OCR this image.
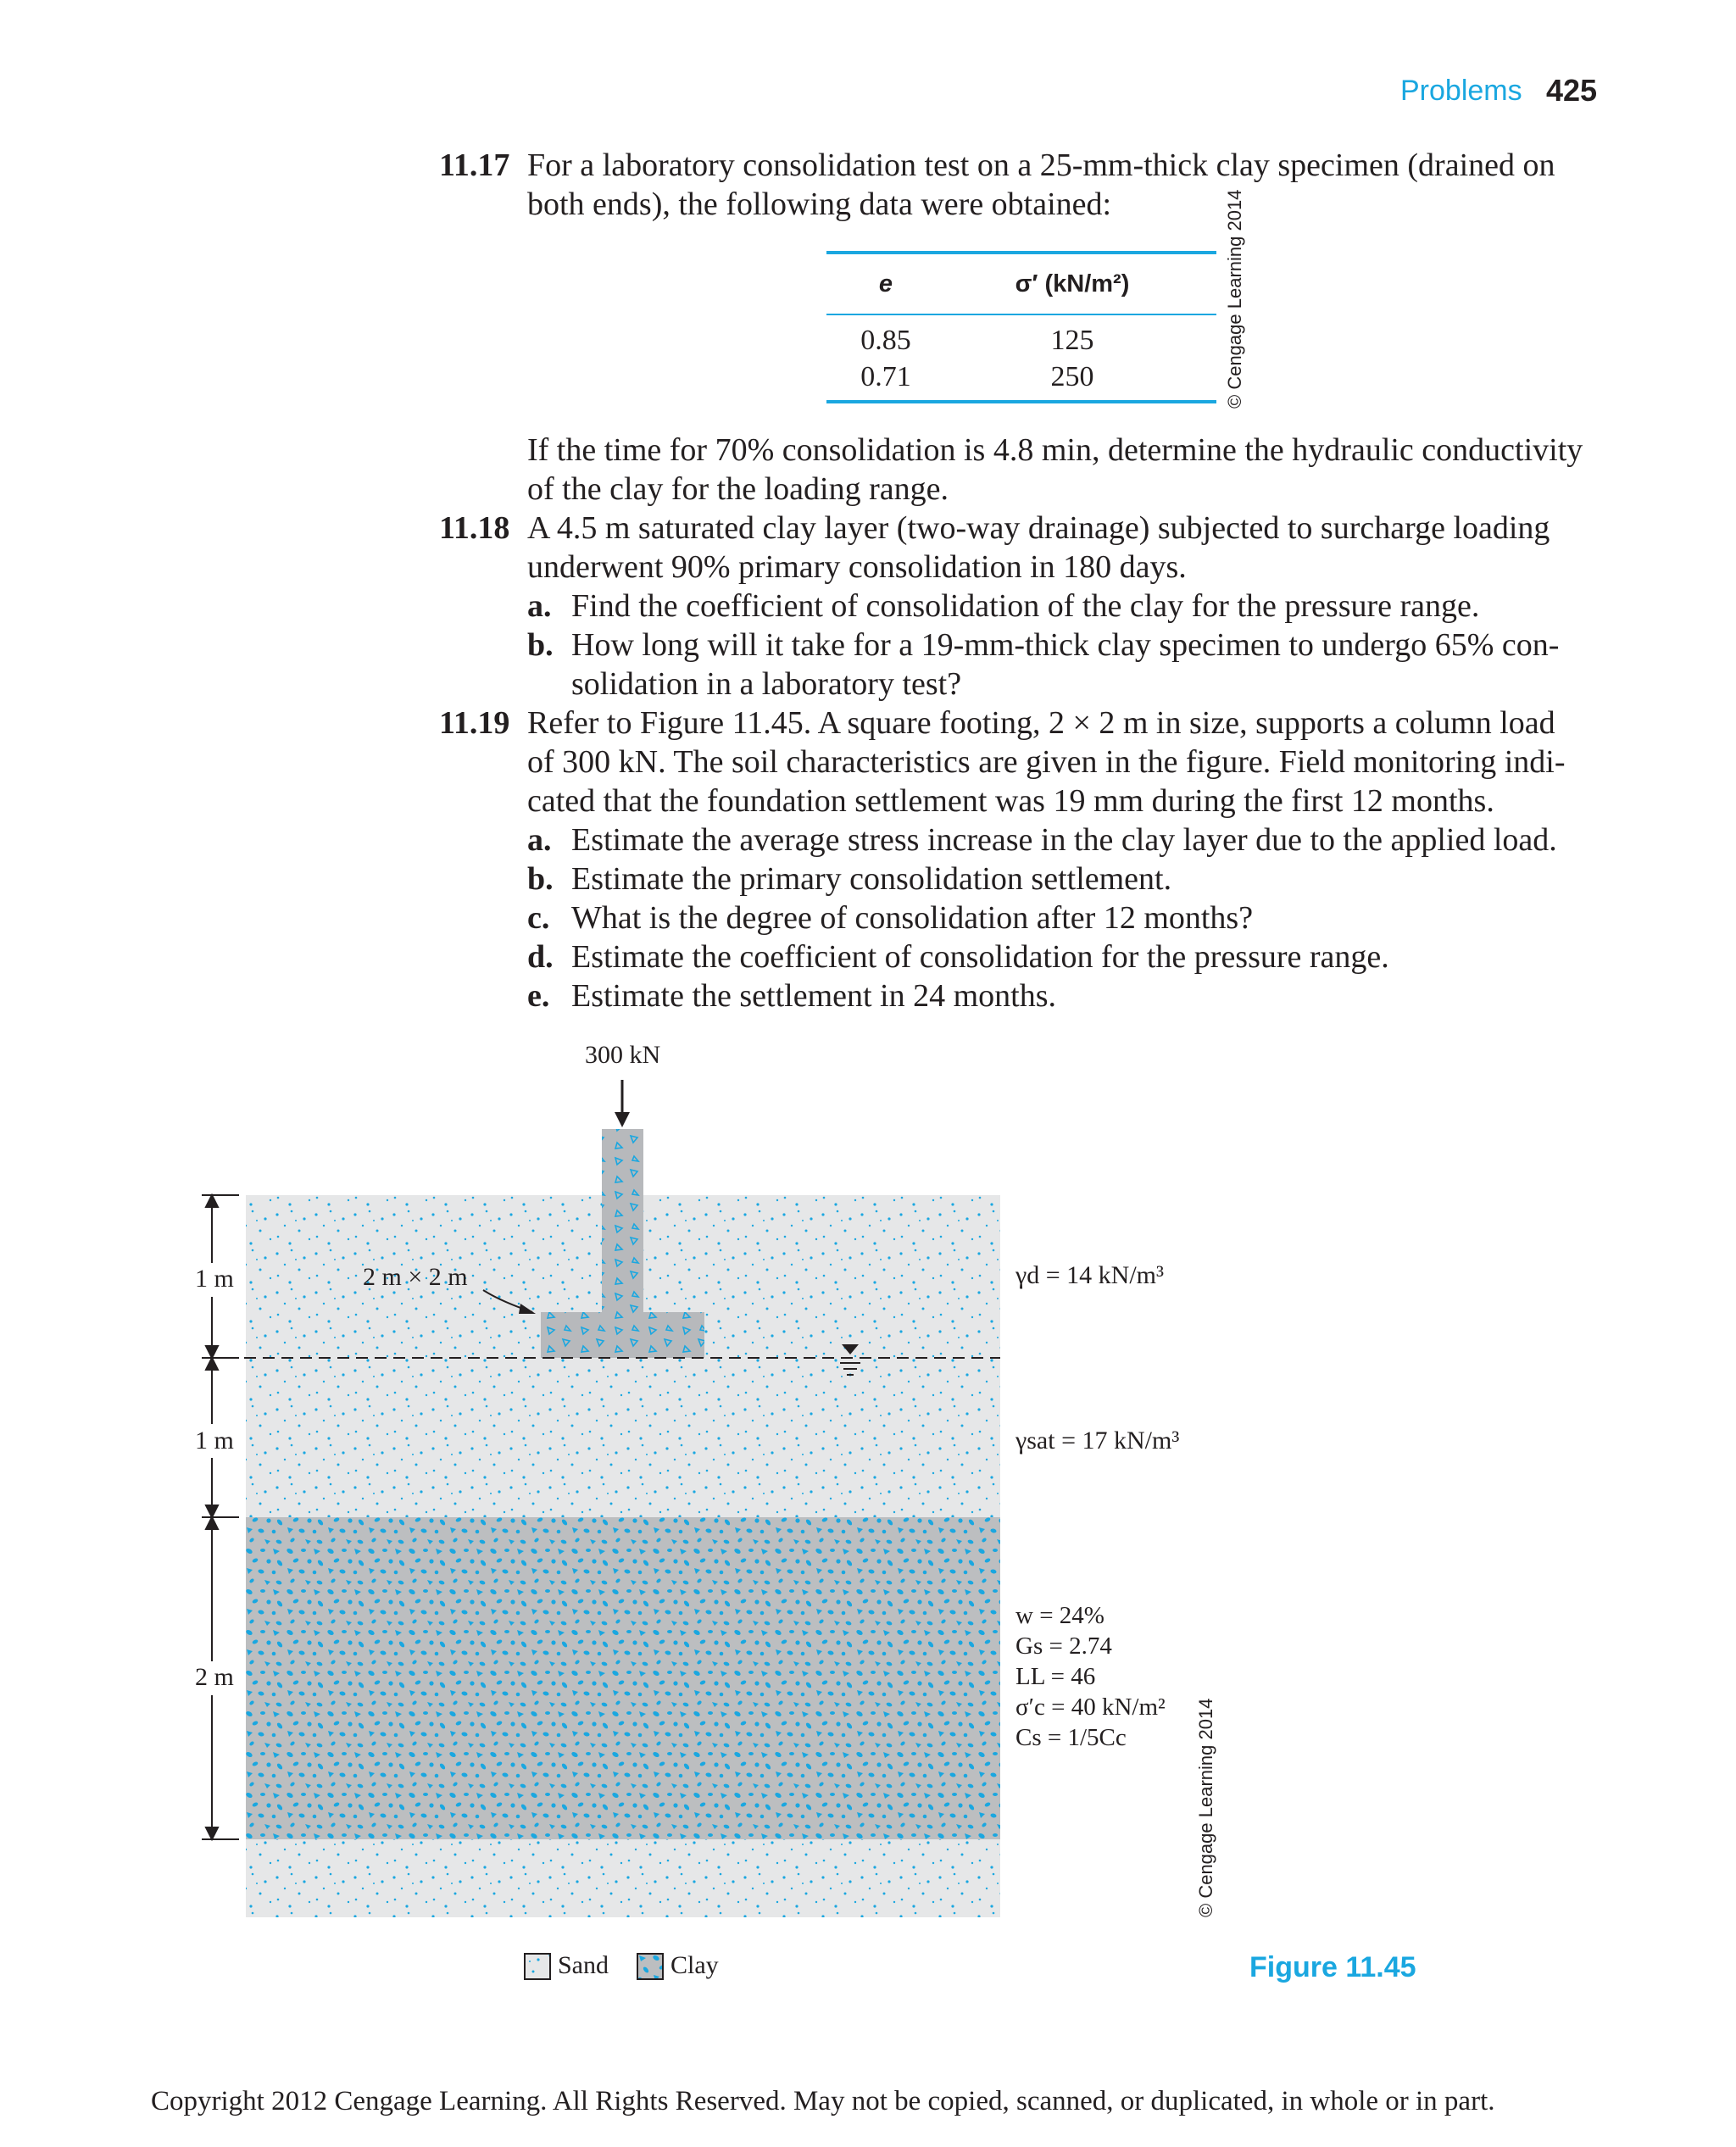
Problems 425
11.17 For a laboratory consolidation test on a 25-mm-thick clay specimen (drained on
both ends), the following data were obtained:
e	σ′ (kN/m²)
0.85	125
0.71	250	© Cengage Learning 2014
If the time for 70% consolidation is 4.8 min, determine the hydraulic conductivity
of the clay for the loading range.
11.18 A 4.5 m saturated clay layer (two-way drainage) subjected to surcharge loading
underwent 90% primary consolidation in 180 days.
a. Find the coefficient of consolidation of the clay for the pressure range.
b. How long will it take for a 19-mm-thick clay specimen to undergo 65% con-
solidation in a laboratory test?
11.19 Refer to Figure 11.45. A square footing, 2 × 2 m in size, supports a column load
of 300 kN. The soil characteristics are given in the figure. Field monitoring indi-
cated that the foundation settlement was 19 mm during the first 12 months.
a. Estimate the average stress increase in the clay layer due to the applied load.
b. Estimate the primary consolidation settlement.
c. What is the degree of consolidation after 12 months?
d. Estimate the coefficient of consolidation for the pressure range.
e. Estimate the settlement in 24 months.
300 kN
2 m × 2 m
1 m
1 m
2 m
γd = 14 kN/m³
γsat = 17 kN/m³
w = 24%
Gs = 2.74
LL = 46
σ′c = 40 kN/m²
Cs = 1/5Cc	© Cengage Learning 2014
Sand Clay	Figure 11.45
Copyright 2012 Cengage Learning. All Rights Reserved. May not be copied, scanned, or duplicated, in whole or in part.
